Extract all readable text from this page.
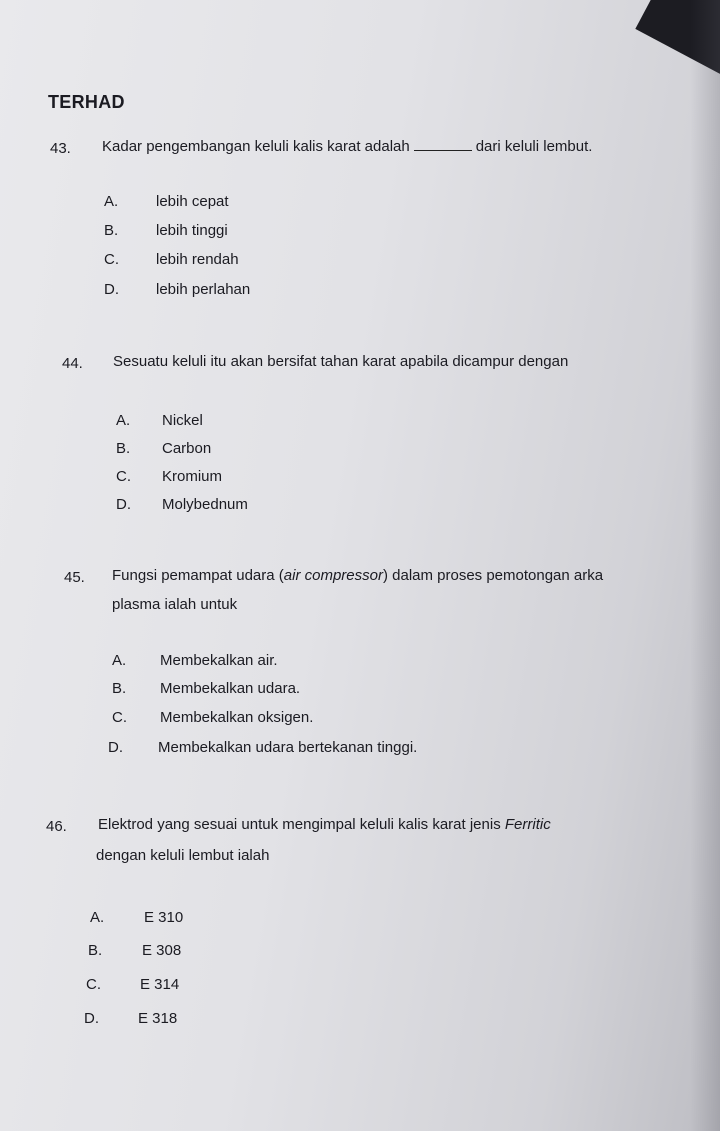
TERHAD
43. Kadar pengembangan keluli kalis karat adalah	dari keluli lembut.
A.	lebih cepat
B.	lebih tinggi
C. lebih rendah
D. lebih perlahan
44. Sesuatu keluli itu akan bersifat tahan karat apabila dicampur dengan
A. Nickel
B. Carbon
C. Kromium
D. Molybednum
45. Fungsi pemampat udara (air compressor) dalam proses pemotongan arka
plasma ialah untuk
A. Membekalkan air.
B. Membekalkan udara.
C. Membekalkan oksigen.
D. Membekalkan udara bertekanan tinggi.
46. Elektrod yang sesuai untuk mengimpal keluli kalis karat jenis Ferritic
dengan keluli lembut ialah
A.	E 310
B.	E 308
C.	E 314
D.	E 318
